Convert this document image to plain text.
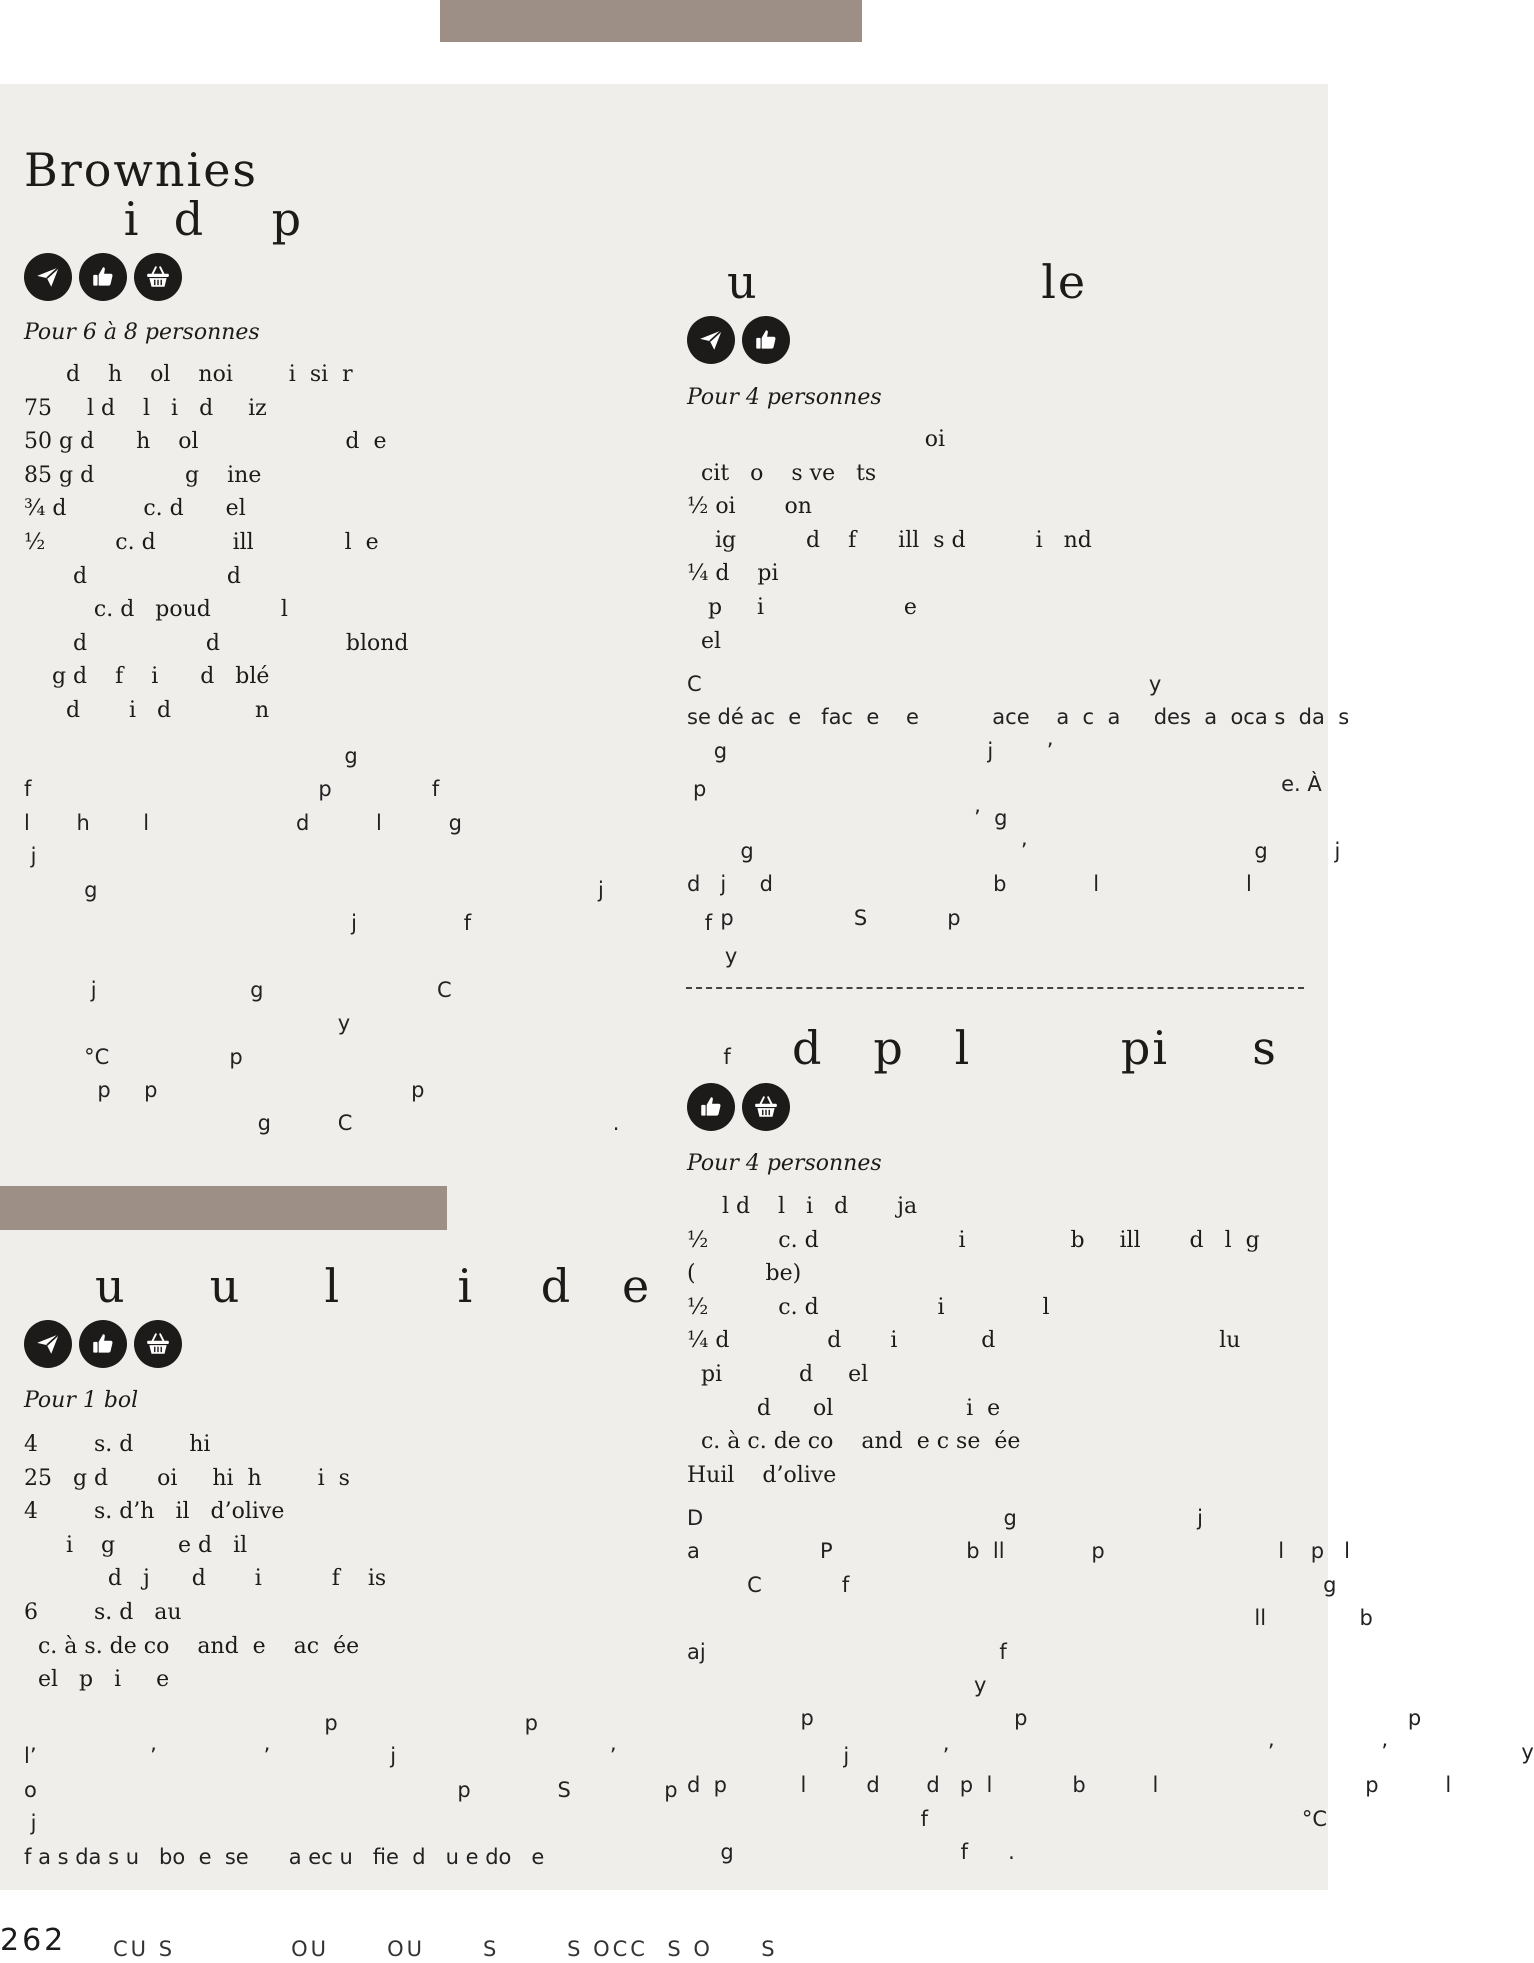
Brownies
i  d    p

Pour 6 à 8 personnes

d    h    ol    noi        i  si  r
75     l d    l   i   d     iz
50 g d      h    ol                     d  e
85 g d             g    ine
¾ d           c. d      el
½          c. d           ill             l  e
d                    d
c. d   poud          l
d                 d                  blond
g d    f    i      d   blé
d       i   d            n
g
f                                           p               f                                      p
l       h        l                      d          l          g
j
g                                                                           j
j                f                                   f
y
j                       g                          C
y
°C                  p                                                                        f
p     p                                      p
g          C                                       .
u                 le

Pour 4 personnes

oi
cit   o    s ve   ts
½ oi       on
ig          d    f      ill  s d          i   nd
¼ d    pi
p     i                    e
el
C                                                                   y
se dé ac  e   fac  e    e           ace    a  c  a     des  a  oca s  da  s
g                                       j        ’
e. À
’  g
g                                        ’                                  g          j
d   j     d                                 b             l                      l
p                  S            p
d   p   l         pi     s

Pour 4 personnes

l d    l   i   d       ja
½          c. d                    i               b     ill       d   l  g
(          be)
½          c. d                 i              l
¼ d              d       i            d                                lu
pi           d     el
d      ol                   i  e
c. à c. de co    and  e c se  ée
Huil    d’olive
D                                             g                           j
a                  P                    b  ll             p                          l    p   l
C            f                                                                       g
ll              b
aj                                            f
y
p                              p                                                         p
’                ’                    y
d  p           l         d       d   p  l            b          l                               p          l
f                                                        °C
g                                  f      .
u     u     l       i    d   e

Pour 1 bol

4        s. d        hi
25   g d       oi     hi  h        i  s
4        s. d’h   il   d’olive
i    g         e d   il
d   j      d       i          f    is
6        s. d   au
c. à s. de co    and  e    ac  ée
el   p   i     e
p                            p
l’                 ’                ’                  j                                ’                                  j              ’
o                                                               p             S              p
j
f a s da s u   bo  e  se      a ec u   fie  d   u e do   e
262 CU S            OU      OU      S       S OCC  S O     S
